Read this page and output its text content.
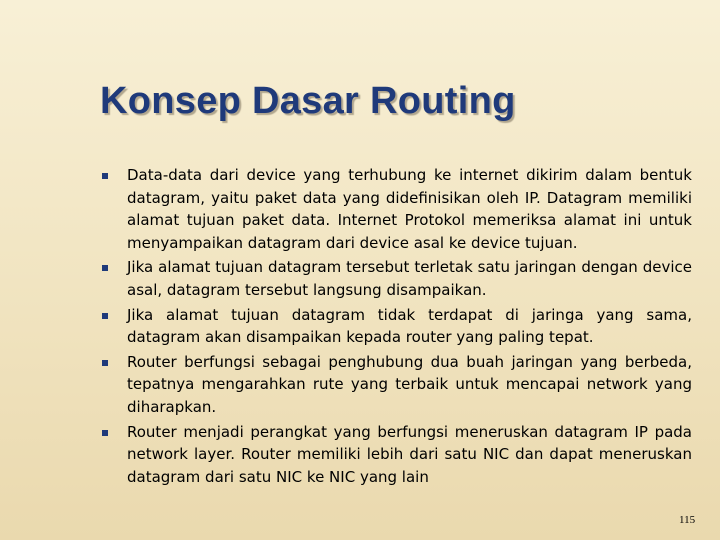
Konsep Dasar Routing
Data-data dari device yang terhubung ke internet dikirim dalam bentuk datagram, yaitu paket data yang didefinisikan oleh IP. Datagram memiliki alamat tujuan paket data. Internet Protokol memeriksa alamat ini untuk menyampaikan datagram dari device asal ke device tujuan.
Jika alamat tujuan datagram tersebut terletak satu jaringan dengan device asal, datagram tersebut langsung disampaikan.
Jika alamat tujuan datagram tidak terdapat di jaringa yang sama, datagram akan disampaikan kepada router yang paling tepat.
Router berfungsi sebagai penghubung dua buah jaringan yang berbeda, tepatnya mengarahkan rute yang terbaik untuk mencapai network yang diharapkan.
Router menjadi perangkat yang berfungsi meneruskan datagram IP pada network layer. Router memiliki lebih dari satu NIC dan dapat meneruskan datagram dari satu NIC ke NIC yang lain
115
